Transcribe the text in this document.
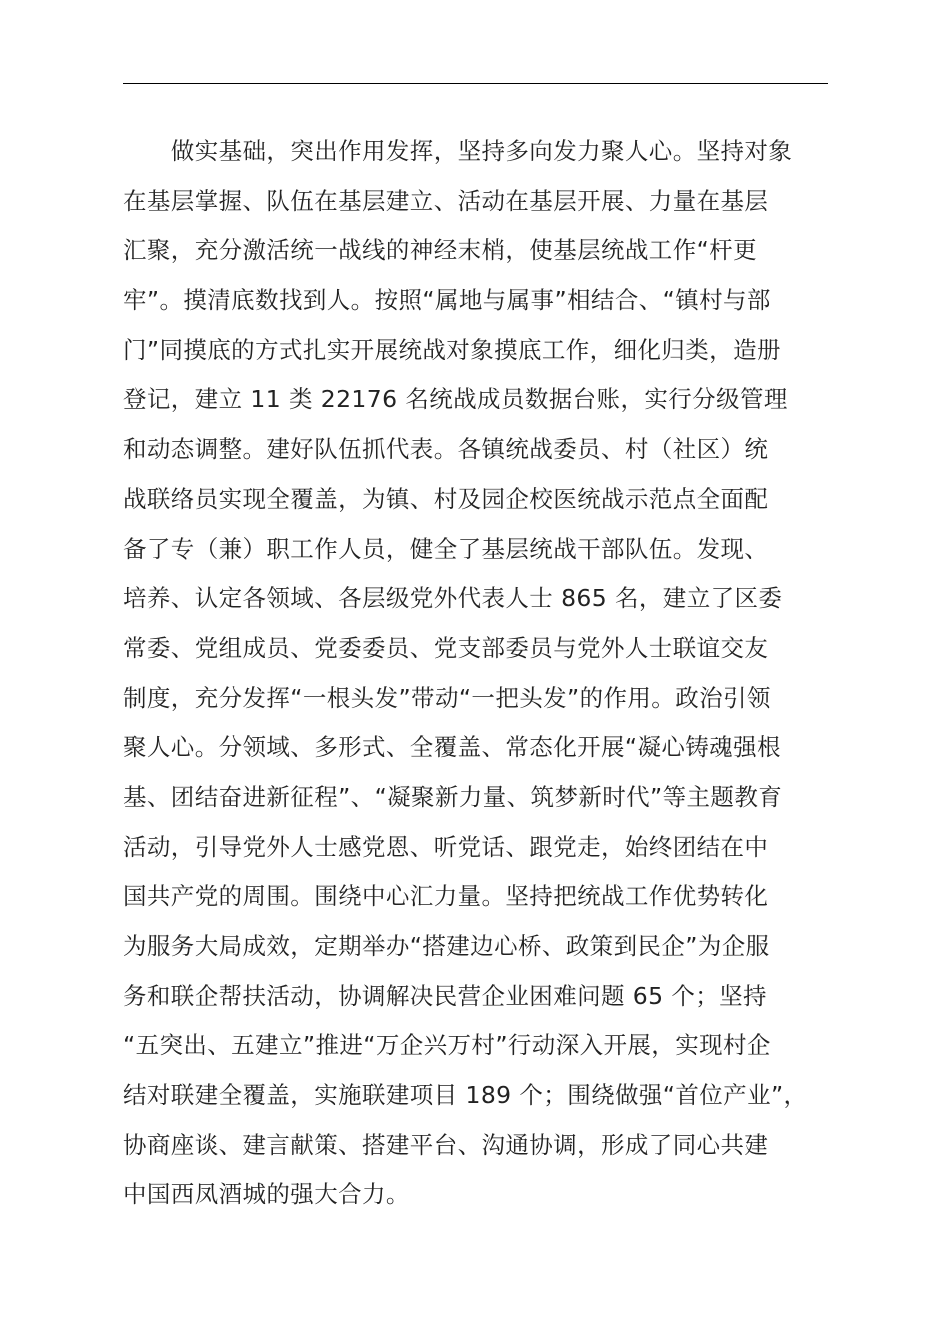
　　做实基础，突出作用发挥，坚持多向发力聚人心。坚持对象
在基层掌握、队伍在基层建立、活动在基层开展、力量在基层
汇聚，充分激活统一战线的神经末梢，使基层统战工作“杆更
牢”。摸清底数找到人。按照“属地与属事”相结合、“镇村与部
门”同摸底的方式扎实开展统战对象摸底工作，细化归类，造册
登记，建立 11 类 22176 名统战成员数据台账，实行分级管理
和动态调整。建好队伍抓代表。各镇统战委员、村（社区）统
战联络员实现全覆盖，为镇、村及园企校医统战示范点全面配
备了专（兼）职工作人员，健全了基层统战干部队伍。发现、
培养、认定各领域、各层级党外代表人士 865 名，建立了区委
常委、党组成员、党委委员、党支部委员与党外人士联谊交友
制度，充分发挥“一根头发”带动“一把头发”的作用。政治引领
聚人心。分领域、多形式、全覆盖、常态化开展“凝心铸魂强根
基、团结奋进新征程”、“凝聚新力量、筑梦新时代”等主题教育
活动，引导党外人士感党恩、听党话、跟党走，始终团结在中
国共产党的周围。围绕中心汇力量。坚持把统战工作优势转化
为服务大局成效，定期举办“搭建边心桥、政策到民企”为企服
务和联企帮扶活动，协调解决民营企业困难问题 65 个；坚持
“五突出、五建立”推进“万企兴万村”行动深入开展，实现村企
结对联建全覆盖，实施联建项目 189 个；围绕做强“首位产业”，
协商座谈、建言献策、搭建平台、沟通协调，形成了同心共建
中国西凤酒城的强大合力。
